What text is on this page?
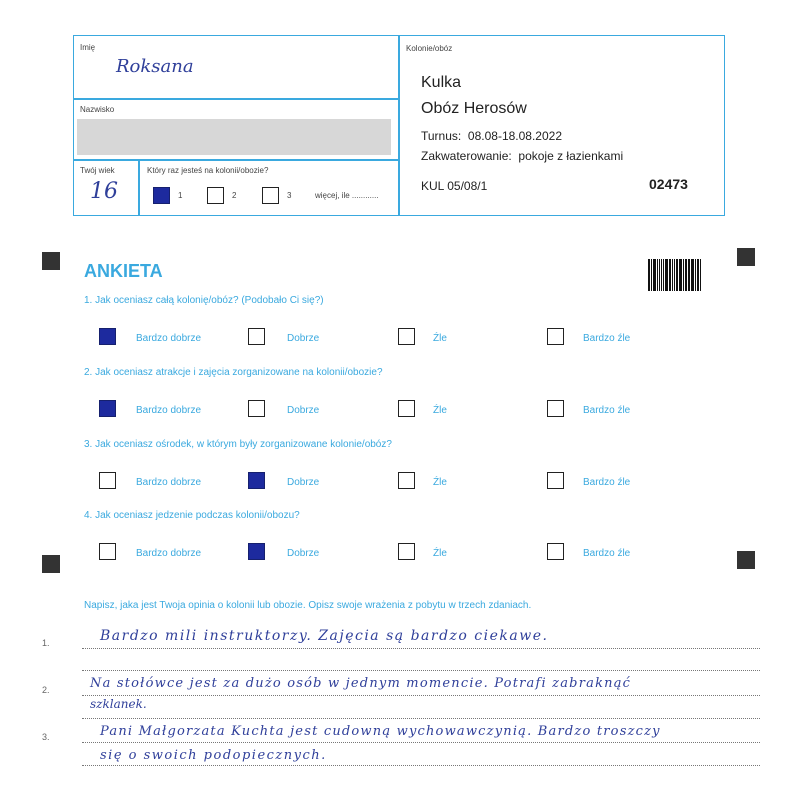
Imię
Roksana
Nazwisko
Twój wiek
16
Który raz jesteś na kolonii/obozie?
1	2	3	więcej, ile ............
Kolonie/obóz
Kulka
Obóz Herosów
Turnus: 08.08-18.08.2022
Zakwaterowanie: pokoje z łazienkami
KUL 05/08/1	02473
ANKIETA
1. Jak oceniasz całą kolonię/obóz? (Podobało Ci się?)
Bardzo dobrze	Dobrze	Źle	Bardzo źle
2. Jak oceniasz atrakcje i zajęcia zorganizowane na kolonii/obozie?
Bardzo dobrze	Dobrze	Źle	Bardzo źle
3. Jak oceniasz ośrodek, w którym były zorganizowane kolonie/obóz?
Bardzo dobrze	Dobrze	Źle	Bardzo źle
4. Jak oceniasz jedzenie podczas kolonii/obozu?
Bardzo dobrze	Dobrze	Źle	Bardzo źle
Napisz, jaka jest Twoja opinia o kolonii lub obozie. Opisz swoje wrażenia z pobytu w trzech zdaniach.
1.
2.
3.
Bardzo mili instruktorzy. Zajęcia są bardzo ciekawe.
Na stołówce jest za dużo osób w jednym momencie. Potrafi zabraknąć
szklanek.
Pani Małgorzata Kuchta jest cudowną wychowawczynią. Bardzo troszczy
się o swoich podopiecznych.
